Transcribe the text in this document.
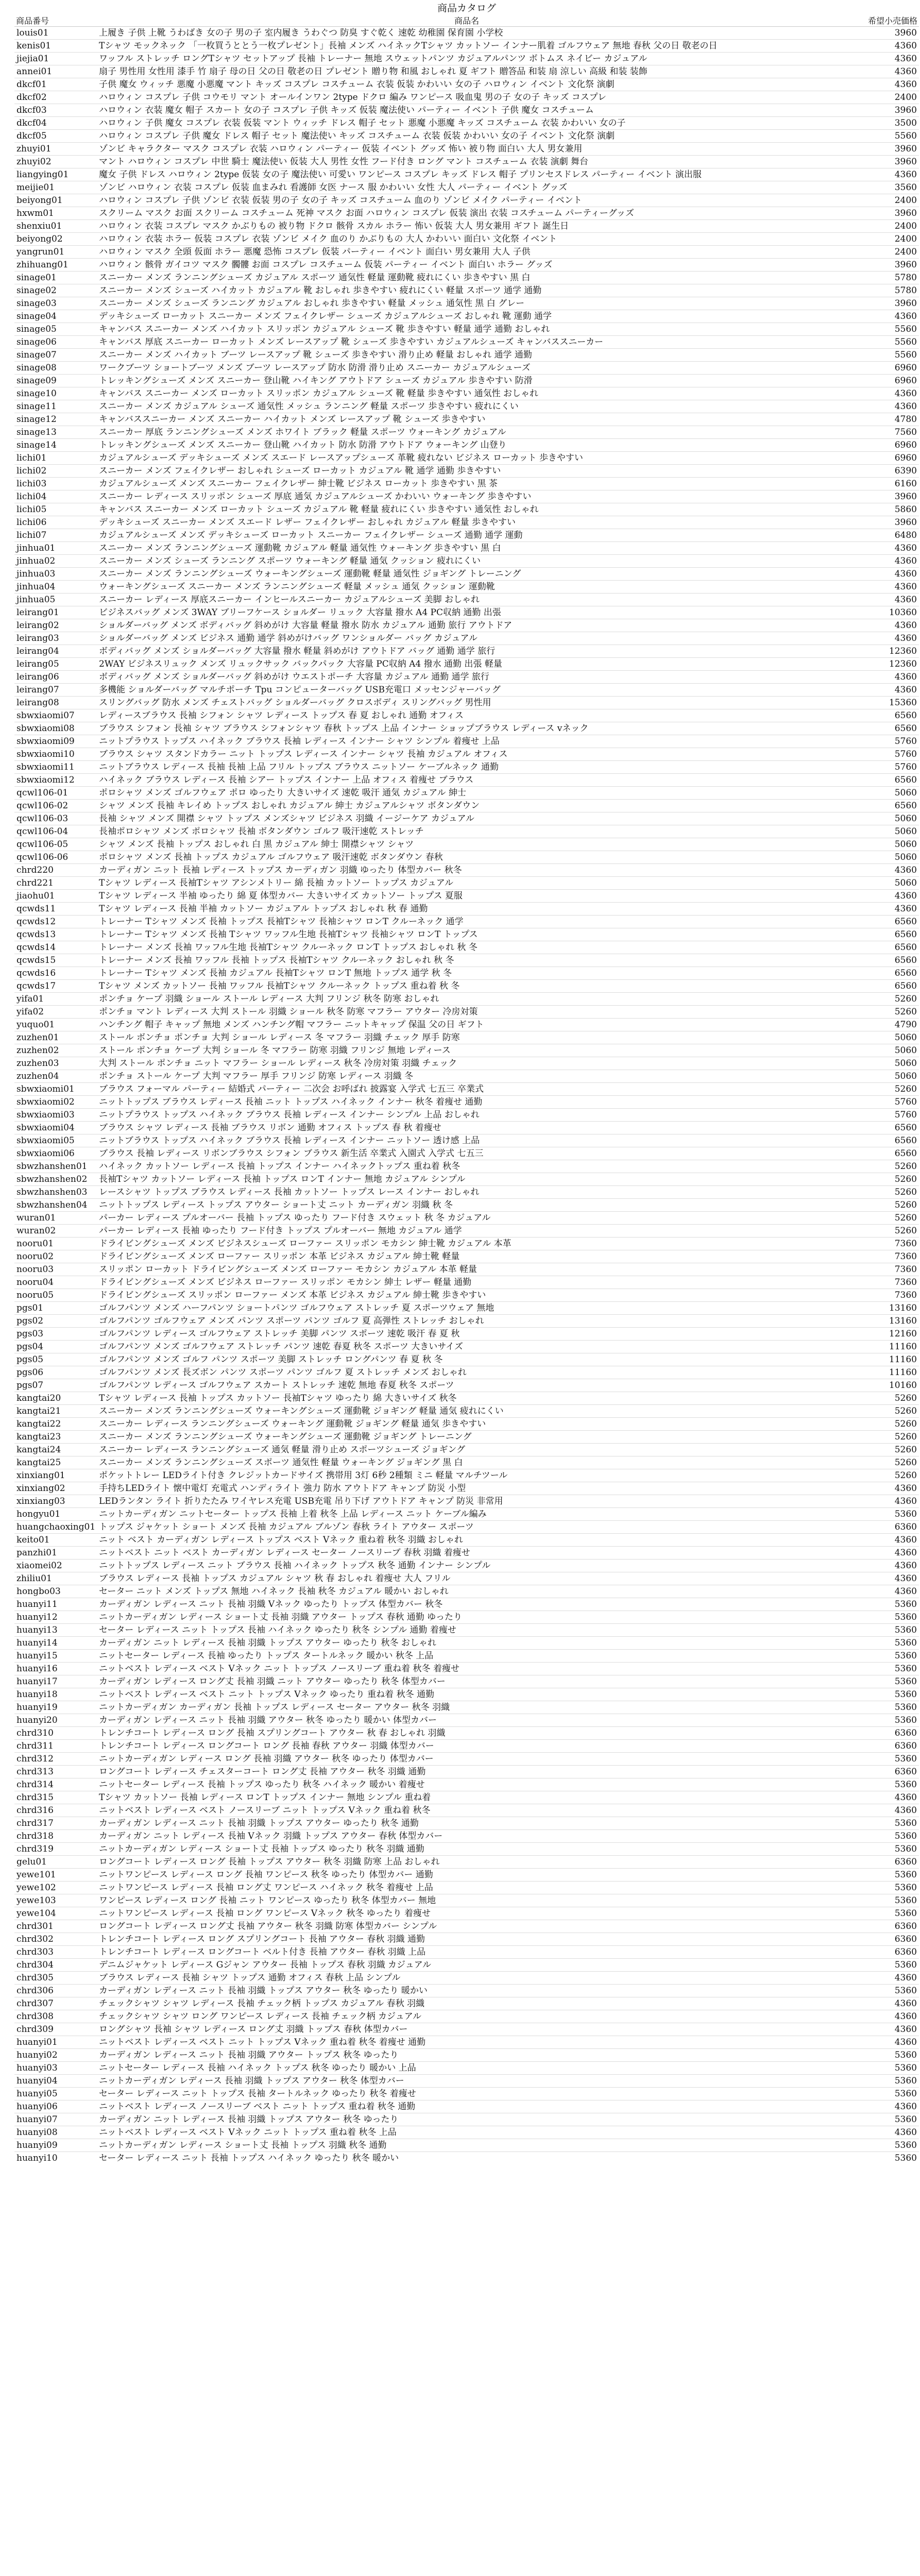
商品カタログ
商品番号	商品名	希望小売価格
louis01	上履き 子供 上靴 うわばき 女の子 男の子 室内履き うわぐつ 防臭 すぐ乾く 速乾 幼稚園 保育園 小学校	3960
kenis01	Tシャツ モックネック 「一枚買うととう一枚プレゼント」長袖 メンズ ハイネックTシャツ カットソー インナー肌着 ゴルフウェア 無地 春秋 父の日 敬老の日	4360
jiejia01	ワッフル ストレッチ ロングTシャツ セットアップ 長袖 トレーナー 無地 スウェットパンツ カジュアルパンツ ボトムス ネイビー カジュアル	4360
annei01	扇子 男性用 女性用 漆手 竹 扇子 母の日 父の日 敬老の日 プレゼント 贈り物 和風 おしゃれ 夏 ギフト 贈答品 和装 扇 涼しい 高級 和装 装飾	4360
dkcf01	子供 魔女 ウィッチ 悪魔 小悪魔 マント キッズ コスプレ コスチューム 衣装 仮装 かわいい 女の子 ハロウィン イベント 文化祭 演劇	4360
dkcf02	ハロウィン コスプレ 子供 コウモリ マント オールインワン 2type ドクロ 編み ワンピース 吸血鬼 男の子 女の子 キッズ コスプレ	2400
dkcf03	ハロウィン 衣装 魔女 帽子 スカート 女の子 コスプレ 子供 キッズ 仮装 魔法使い パーティー イベント 子供 魔女 コスチューム	3960
dkcf04	ハロウィン 子供 魔女 コスプレ 衣装 仮装 マント ウィッチ ドレス 帽子 セット 悪魔 小悪魔 キッズ コスチューム 衣装 かわいい 女の子	3500
dkcf05	ハロウィン コスプレ 子供 魔女 ドレス 帽子 セット 魔法使い キッズ コスチューム 衣装 仮装 かわいい 女の子 イベント 文化祭 演劇	5560
zhuyi01	ゾンビ キャラクター マスク コスプレ 衣装 ハロウィン パーティー 仮装 イベント グッズ 怖い 被り物 面白い 大人 男女兼用	3960
zhuyi02	マント ハロウィン コスプレ 中世 騎士 魔法使い 仮装 大人 男性 女性 フード付き ロング マント コスチューム 衣装 演劇 舞台	3960
liangying01	魔女 子供 ドレス ハロウィン 2type 仮装 女の子 魔法使い 可愛い ワンピース コスプレ キッズ ドレス 帽子 プリンセスドレス パーティー イベント 演出服	4360
meijie01	ゾンビ ハロウィン 衣装 コスプレ 仮装 血まみれ 看護師 女医 ナース 服 かわいい 女性 大人 パーティー イベント グッズ	3560
beiyong01	ハロウィン コスプレ 子供 ゾンビ 衣装 仮装 男の子 女の子 キッズ コスチューム 血のり ゾンビ メイク パーティー イベント	2400
hxwm01	スクリーム マスク お面 スクリーム コスチューム 死神 マスク お面 ハロウィン コスプレ 仮装 演出 衣装 コスチューム パーティーグッズ	3960
shenxiu01	ハロウィン 衣装 コスプレ マスク かぶりもの 被り物 ドクロ 骸骨 スカル ホラー 怖い 仮装 大人 男女兼用 ギフト 誕生日	2400
beiyong02	ハロウィン 衣装 ホラー 仮装 コスプレ 衣装 ゾンビ メイク 血のり かぶりもの 大人 かわいい 面白い 文化祭 イベント	2400
yangrun01	ハロウィン マスク 全頭 仮面 ホラー 悪魔 恐怖 コスプレ 仮装 パーティー イベント 面白い 男女兼用 大人 子供	2400
zhihuang01	ハロウィン 骸骨 ガイコツ マスク 髑髏 お面 コスプレ コスチューム 仮装 パーティー イベント 面白い ホラー グッズ	3960
sinage01	スニーカー メンズ ランニングシューズ カジュアル スポーツ 通気性 軽量 運動靴 疲れにくい 歩きやすい 黒 白	5780
sinage02	スニーカー メンズ シューズ ハイカット カジュアル 靴 おしゃれ 歩きやすい 疲れにくい 軽量 スポーツ 通学 通勤	5780
sinage03	スニーカー メンズ シューズ ランニング カジュアル おしゃれ 歩きやすい 軽量 メッシュ 通気性 黒 白 グレー	3960
sinage04	デッキシューズ ローカット スニーカー メンズ フェイクレザー シューズ カジュアルシューズ おしゃれ 靴 運動 通学	4360
sinage05	キャンバス スニーカー メンズ ハイカット スリッポン カジュアル シューズ 靴 歩きやすい 軽量 通学 通勤 おしゃれ	5560
sinage06	キャンバス 厚底 スニーカー ローカット メンズ レースアップ 靴 シューズ 歩きやすい カジュアルシューズ キャンバススニーカー	5560
sinage07	スニーカー メンズ ハイカット ブーツ レースアップ 靴 シューズ 歩きやすい 滑り止め 軽量 おしゃれ 通学 通勤	5560
sinage08	ワークブーツ ショートブーツ メンズ ブーツ レースアップ 防水 防滑 滑り止め スニーカー カジュアルシューズ	6960
sinage09	トレッキングシューズ メンズ スニーカー 登山靴 ハイキング アウトドア シューズ カジュアル 歩きやすい 防滑	6960
sinage10	キャンバス スニーカー メンズ ローカット スリッポン カジュアル シューズ 靴 軽量 歩きやすい 通気性 おしゃれ	4360
sinage11	スニーカー メンズ カジュアル シューズ 通気性 メッシュ ランニング 軽量 スポーツ 歩きやすい 疲れにくい	4360
sinage12	キャンバススニーカー メンズ スニーカー ハイカット メンズ レースアップ 靴 シューズ 歩きやすい	4780
sinage13	スニーカー 厚底 ランニングシューズ メンズ ホワイト ブラック 軽量 スポーツ ウォーキング カジュアル	7560
sinage14	トレッキングシューズ メンズ スニーカー 登山靴 ハイカット 防水 防滑 アウトドア ウォーキング 山登り	6960
lichi01	カジュアルシューズ デッキシューズ メンズ スエード レースアップシューズ 革靴 疲れない ビジネス ローカット 歩きやすい	6960
lichi02	スニーカー メンズ フェイクレザー おしゃれ シューズ ローカット カジュアル 靴 通学 通勤 歩きやすい	6390
lichi03	カジュアルシューズ メンズ スニーカー フェイクレザー 紳士靴 ビジネス ローカット 歩きやすい 黒 茶	6160
lichi04	スニーカー レディース スリッポン シューズ 厚底 通気 カジュアルシューズ かわいい ウォーキング 歩きやすい	3960
lichi05	キャンバス スニーカー メンズ ローカット シューズ カジュアル 靴 軽量 疲れにくい 歩きやすい 通気性 おしゃれ	5860
lichi06	デッキシューズ スニーカー メンズ スエード レザー フェイクレザー おしゃれ カジュアル 軽量 歩きやすい	3960
lichi07	カジュアルシューズ メンズ デッキシューズ ローカット スニーカー フェイクレザー シューズ 通勤 通学 運動	6480
jinhua01	スニーカー メンズ ランニングシューズ 運動靴 カジュアル 軽量 通気性 ウォーキング 歩きやすい 黒 白	4360
jinhua02	スニーカー メンズ シューズ ランニング スポーツ ウォーキング 軽量 通気 クッション 疲れにくい	4360
jinhua03	スニーカー メンズ ランニングシューズ ウォーキングシューズ 運動靴 軽量 通気性 ジョギング トレーニング	4360
jinhua04	ウォーキングシューズ スニーカー メンズ ランニングシューズ 軽量 メッシュ 通気 クッション 運動靴	4360
jinhua05	スニーカー レディース 厚底スニーカー インヒールスニーカー カジュアルシューズ 美脚 おしゃれ	4360
leirang01	ビジネスバッグ メンズ 3WAY ブリーフケース ショルダー リュック 大容量 撥水 A4 PC収納 通勤 出張	10360
leirang02	ショルダーバッグ メンズ ボディバッグ 斜めがけ 大容量 軽量 撥水 防水 カジュアル 通勤 旅行 アウトドア	4360
leirang03	ショルダーバッグ メンズ ビジネス 通勤 通学 斜めがけバッグ ワンショルダー バッグ カジュアル	4360
leirang04	ボディバッグ メンズ ショルダーバッグ 大容量 撥水 軽量 斜めがけ アウトドア バッグ 通勤 通学 旅行	12360
leirang05	2WAY ビジネスリュック メンズ リュックサック バックパック 大容量 PC収納 A4 撥水 通勤 出張 軽量	12360
leirang06	ボディバッグ メンズ ショルダーバッグ 斜めがけ ウエストポーチ 大容量 カジュアル 通勤 通学 旅行	4360
leirang07	多機能 ショルダーバッグ マルチポーチ Tpu コンピューターバッグ USB充電口 メッセンジャーバッグ	4360
leirang08	スリングバッグ 防水 メンズ チェストバッグ ショルダーバッグ クロスボディ スリングバッグ 男性用	15360
sbwxiaomi07	レディースブラウス 長袖 シフォン シャツ レディース トップス 春 夏 おしゃれ 通勤 オフィス	6560
sbwxiaomi08	ブラウス シフォン 長袖 シャツ ブラウス シフォンシャツ 春秋 トップス 上品 インナー ショップブラウス レディース vネック	6560
sbwxiaomi09	ニットプラウス トップス ハイネック ブラウス 長袖 レディース インナー シャツ シンプル 着痩せ 上品	5760
sbwxiaomi10	ブラウス シャツ スタンドカラー ニット トップス レディース インナー シャツ 長袖 カジュアル オフィス	5760
sbwxiaomi11	ニットブラウス レディース 長袖 長袖 上品 フリル トップス ブラウス ニットソー ケーブルネック 通勤	5760
sbwxiaomi12	ハイネック ブラウス レディース 長袖 シアー トップス インナー 上品 オフィス 着痩せ ブラウス	6560
qcwl106-01	ポロシャツ メンズ ゴルフウェア ポロ ゆったり 大きいサイズ 速乾 吸汗 通気 カジュアル 紳士	5060
qcwl106-02	シャツ メンズ 長袖 キレイめ トップス おしゃれ カジュアル 紳士 カジュアルシャツ ボタンダウン	6560
qcwl106-03	長袖 シャツ メンズ 開襟 シャツ トップス メンズシャツ ビジネス 羽織 イージーケア カジュアル	5060
qcwl106-04	長袖ポロシャツ メンズ ポロシャツ 長袖 ボタンダウン ゴルフ 吸汗速乾 ストレッチ	5060
qcwl106-05	シャツ メンズ 長袖 トップス おしゃれ 白 黒 カジュアル 紳士 開襟シャツ シャツ	5060
qcwl106-06	ポロシャツ メンズ 長袖 トップス カジュアル ゴルフウェア 吸汗速乾 ボタンダウン 春秋	5060
chrd220	カーディガン ニット 長袖 レディース トップス カーディガン 羽織 ゆったり 体型カバー 秋冬	4360
chrd221	Tシャツ レディース 長袖Tシャツ アシンメトリー 綿 長袖 カットソー トップス カジュアル	5060
jiaohu01	Tシャツ レディース 半袖 ゆったり 綿 夏 体型カバー 大きいサイズ カットソー トップス 夏服	4360
qcwds11	Tシャツ レディース 長袖 半袖 カットソー カジュアル トップス おしゃれ 秋 春 通勤	4360
qcwds12	トレーナー Tシャツ メンズ 長袖 トップス 長袖Tシャツ 長袖シャツ ロンT クルーネック 通学	6560
qcwds13	トレーナー Tシャツ メンズ 長袖 Tシャツ ワッフル生地 長袖Tシャツ 長袖シャツ ロンT トップス	6560
qcwds14	トレーナー メンズ 長袖 ワッフル生地 長袖Tシャツ クルーネック ロンT トップス おしゃれ 秋 冬	6560
qcwds15	トレーナー メンズ 長袖 ワッフル 長袖 トップス 長袖Tシャツ クルーネック おしゃれ 秋 冬	6560
qcwds16	トレーナー Tシャツ メンズ 長袖 カジュアル 長袖Tシャツ ロンT 無地 トップス 通学 秋 冬	6560
qcwds17	Tシャツ メンズ カットソー 長袖 ワッフル 長袖Tシャツ クルーネック トップス 重ね着 秋 冬	6560
yifa01	ポンチョ ケープ 羽織 ショール ストール レディース 大判 フリンジ 秋冬 防寒 おしゃれ	5260
yifa02	ポンチョ マント レディース 大判 ストール 羽織 ショール 秋冬 防寒 マフラー アウター 冷房対策	5260
yuquo01	ハンチング 帽子 キャップ 無地 メンズ ハンチング帽 マフラー ニットキャップ 保温 父の日 ギフト	4790
zuzhen01	ストール ボンチョ ポンチョ 大判 ショール レディース 冬 マフラー 羽織 チェック 厚手 防寒	5060
zuzhen02	ストール ポンチョ ケープ 大判 ショール 冬 マフラー 防寒 羽織 フリンジ 無地 レディース	5060
zuzhen03	大判 ストール ポンチョ ニット マフラー ショール レディース 秋冬 冷房対策 羽織 チェック	5060
zuzhen04	ポンチョ ストール ケープ 大判 マフラー 厚手 フリンジ 防寒 レディース 羽織 冬	5060
sbwxiaomi01	ブラウス フォーマル パーティー 結婚式 パーティー 二次会 お呼ばれ 披露宴 入学式 七五三 卒業式	5260
sbwxiaomi02	ニットトップス ブラウス レディース 長袖 ニット トップス ハイネック インナー 秋冬 着痩せ 通勤	5760
sbwxiaomi03	ニットプラウス トップス ハイネック ブラウス 長袖 レディース インナー シンプル 上品 おしゃれ	5760
sbwxiaomi04	ブラウス シャツ レディース 長袖 ブラウス リボン 通勤 オフィス トップス 春 秋 着痩せ	6560
sbwxiaomi05	ニットブラウス トップス ハイネック ブラウス 長袖 レディース インナー ニットソー 透け感 上品	6560
sbwxiaomi06	ブラウス 長袖 レディース リボンブラウス シフォン ブラウス 新生活 卒業式 入園式 入学式 七五三	6560
sbwzhanshen01	ハイネック カットソー レディース 長袖 トップス インナー ハイネックトップス 重ね着 秋冬	5260
sbwzhanshen02	長袖Tシャツ カットソー レディース 長袖 トップス ロンT インナー 無地 カジュアル シンプル	5260
sbwzhanshen03	レースシャツ トップス ブラウス レディース 長袖 カットソー トップス レース インナー おしゃれ	5260
sbwzhanshen04	ニットトップス レディース トップス アウター ショート丈 ニット カーディガン 羽織 秋 冬	5260
wuran01	パーカー レディース プルオーバー 長袖 トップス ゆったり フード付き スウェット 秋 冬 カジュアル	5260
wuran02	パーカー レディース 長袖 ゆったり フード付き トップス プルオーバー 無地 カジュアル 通学	5260
nooru01	ドライビングシューズ メンズ ビジネスシューズ ローファー スリッポン モカシン 紳士靴 カジュアル 本革	7360
nooru02	ドライビングシューズ メンズ ローファー スリッポン 本革 ビジネス カジュアル 紳士靴 軽量	7360
nooru03	スリッポン ローカット ドライビングシューズ メンズ ローファー モカシン カジュアル 本革 軽量	7360
nooru04	ドライビングシューズ メンズ ビジネス ローファー スリッポン モカシン 紳士 レザー 軽量 通勤	7360
nooru05	ドライビングシューズ スリッポン ローファー メンズ 本革 ビジネス カジュアル 紳士靴 歩きやすい	7360
pgs01	ゴルフパンツ メンズ ハーフパンツ ショートパンツ ゴルフウェア ストレッチ 夏 スポーツウェア 無地	13160
pgs02	ゴルフパンツ ゴルフウェア メンズ パンツ スポーツ パンツ ゴルフ 夏 高弾性 ストレッチ おしゃれ	13160
pgs03	ゴルフパンツ レディース ゴルフウェア ストレッチ 美脚 パンツ スポーツ 速乾 吸汗 春 夏 秋	12160
pgs04	ゴルフパンツ メンズ ゴルフウェア ストレッチ パンツ 速乾 春夏 秋冬 スポーツ 大きいサイズ	11160
pgs05	ゴルフパンツ メンズ ゴルフ パンツ スポーツ 美脚 ストレッチ ロングパンツ 春 夏 秋 冬	11160
pgs06	ゴルフパンツ メンズ 長ズボン パンツ スポーツ パンツ ゴルフ 夏 ストレッチ メンズ おしゃれ	11160
pgs07	ゴルフパンツ レディース ゴルフウェア スカート ストレッチ 速乾 無地 春夏 秋冬 スポーツ	10160
kangtai20	Tシャツ レディース 長袖 トップス カットソー 長袖Tシャツ ゆったり 綿 大きいサイズ 秋冬	5260
kangtai21	スニーカー メンズ ランニングシューズ ウォーキングシューズ 運動靴 ジョギング 軽量 通気 疲れにくい	5260
kangtai22	スニーカー レディース ランニングシューズ ウォーキング 運動靴 ジョギング 軽量 通気 歩きやすい	5260
kangtai23	スニーカー メンズ ランニングシューズ ウォーキングシューズ 運動靴 ジョギング トレーニング	5260
kangtai24	スニーカー レディース ランニングシューズ 通気 軽量 滑り止め スポーツシューズ ジョギング	5260
kangtai25	スニーカー メンズ ランニングシューズ スポーツ 通気性 軽量 ウォーキング ジョギング 黒 白	5260
xinxiang01	ポケットトレー LEDライト付き クレジットカードサイズ 携帯用 3灯 6秒 2種類 ミニ 軽量 マルチツール	5260
xinxiang02	手持ちLEDライト 懐中電灯 充電式 ハンディライト 強力 防水 アウトドア キャンプ 防災 小型	4360
xinxiang03	LEDランタン ライト 折りたたみ ワイヤレス充電 USB充電 吊り下げ アウトドア キャンプ 防災 非常用	4360
hongyu01	ニットカーディガン ニットセーター トップス 長袖 上着 秋冬 上品 レディース ニット ケーブル編み	5360
huangchaoxing01	トップス ジャケット ショート メンズ 長袖 カジュアル ブルゾン 春秋 ライト アウター スポーツ	6360
keito01	ニット ベスト カーディガン レディース トップス ベスト Vネック 重ね着 秋冬 羽織 おしゃれ	4360
panzhi01	ニットベスト ニット ベスト カーディガン レディース セーター ノースリーブ 春秋 羽織 着痩せ	4360
xiaomei02	ニットトップス レディース ニット ブラウス 長袖 ハイネック トップス 秋冬 通勤 インナー シンプル	4360
zhiliu01	ブラウス レディース 長袖 トップス カジュアル シャツ 秋 春 おしゃれ 着痩せ 大人 フリル	4360
hongbo03	セーター ニット メンズ トップス 無地 ハイネック 長袖 秋冬 カジュアル 暖かい おしゃれ	4360
huanyi11	カーディガン レディース ニット 長袖 羽織 Vネック ゆったり トップス 体型カバー 秋冬	5360
huanyi12	ニットカーディガン レディース ショート丈 長袖 羽織 アウター トップス 春秋 通勤 ゆったり	5360
huanyi13	セーター レディース ニット トップス 長袖 ハイネック ゆったり 秋冬 シンプル 通勤 着痩せ	5360
huanyi14	カーディガン ニット レディース 長袖 羽織 トップス アウター ゆったり 秋冬 おしゃれ	5360
huanyi15	ニットセーター レディース 長袖 ゆったり トップス タートルネック 暖かい 秋冬 上品	5360
huanyi16	ニットベスト レディース ベスト Vネック ニット トップス ノースリーブ 重ね着 秋冬 着痩せ	5360
huanyi17	カーディガン レディース ロング丈 長袖 羽織 ニット アウター ゆったり 秋冬 体型カバー	5360
huanyi18	ニットベスト レディース ベスト ニット トップス Vネック ゆったり 重ね着 秋冬 通勤	5360
huanyi19	ニットカーディガン カーディガン 長袖 トップス レディース セーター アウター 秋冬 羽織	5360
huanyi20	カーディガン レディース ニット 長袖 羽織 アウター 秋冬 ゆったり 暖かい 体型カバー	5360
chrd310	トレンチコート レディース ロング 長袖 スプリングコート アウター 秋 春 おしゃれ 羽織	6360
chrd311	トレンチコート レディース ロングコート ロング 長袖 春秋 アウター 羽織 体型カバー	6360
chrd312	ニットカーディガン レディース ロング 長袖 羽織 アウター 秋冬 ゆったり 体型カバー	5360
chrd313	ロングコート レディース チェスターコート ロング丈 長袖 アウター 秋冬 羽織 通勤	6360
chrd314	ニットセーター レディース 長袖 トップス ゆったり 秋冬 ハイネック 暖かい 着痩せ	5360
chrd315	Tシャツ カットソー 長袖 レディース ロンT トップス インナー 無地 シンプル 重ね着	4360
chrd316	ニットベスト レディース ベスト ノースリーブ ニット トップス Vネック 重ね着 秋冬	4360
chrd317	カーディガン レディース ニット 長袖 羽織 トップス アウター ゆったり 秋冬 通勤	5360
chrd318	カーディガン ニット レディース 長袖 Vネック 羽織 トップス アウター 春秋 体型カバー	5360
chrd319	ニットカーディガン レディース ショート丈 長袖 トップス ゆったり 秋冬 羽織 通勤	5360
gelu01	ロングコート レディース ロング 長袖 トップス アウター 秋冬 羽織 防寒 上品 おしゃれ	6360
yewe101	ニットワンピース レディース ロング 長袖 ワンピース 秋冬 ゆったり 体型カバー 通勤	5360
yewe102	ニットワンピース レディース 長袖 ロング丈 ワンピース ハイネック 秋冬 着痩せ 上品	5360
yewe103	ワンピース レディース ロング 長袖 ニット ワンピース ゆったり 秋冬 体型カバー 無地	5360
yewe104	ニットワンピース レディース 長袖 ロング ワンピース Vネック 秋冬 ゆったり 着痩せ	5360
chrd301	ロングコート レディース ロング丈 長袖 アウター 秋冬 羽織 防寒 体型カバー シンプル	6360
chrd302	トレンチコート レディース ロング スプリングコート 長袖 アウター 春秋 羽織 通勤	6360
chrd303	トレンチコート レディース ロングコート ベルト付き 長袖 アウター 春秋 羽織 上品	6360
chrd304	デニムジャケット レディース Gジャン アウター 長袖 トップス 春秋 羽織 カジュアル	5360
chrd305	ブラウス レディース 長袖 シャツ トップス 通勤 オフィス 春秋 上品 シンプル	4360
chrd306	カーディガン レディース ニット 長袖 羽織 トップス アウター 秋冬 ゆったり 暖かい	5360
chrd307	チェックシャツ シャツ レディース 長袖 チェック柄 トップス カジュアル 春秋 羽織	4360
chrd308	チェックシャツ シャツ ロング ワンピース レディース 長袖 チェック柄 カジュアル	4360
chrd309	ロングシャツ 長袖 シャツ レディース ロング丈 羽織 トップス 春秋 体型カバー	4360
huanyi01	ニットベスト レディース ベスト ニット トップス Vネック 重ね着 秋冬 着痩せ 通勤	4360
huanyi02	カーディガン レディース ニット 長袖 羽織 アウター トップス 秋冬 ゆったり	5360
huanyi03	ニットセーター レディース 長袖 ハイネック トップス 秋冬 ゆったり 暖かい 上品	5360
huanyi04	ニットカーディガン レディース 長袖 羽織 トップス アウター 秋冬 体型カバー	5360
huanyi05	セーター レディース ニット トップス 長袖 タートルネック ゆったり 秋冬 着痩せ	5360
huanyi06	ニットベスト レディース ノースリーブ ベスト ニット トップス 重ね着 秋冬 通勤	4360
huanyi07	カーディガン ニット レディース 長袖 羽織 トップス アウター 秋冬 ゆったり	5360
huanyi08	ニットベスト レディース ベスト Vネック ニット トップス 重ね着 秋冬 上品	4360
huanyi09	ニットカーディガン レディース ショート丈 長袖 トップス 羽織 秋冬 通勤	5360
huanyi10	セーター レディース ニット 長袖 トップス ハイネック ゆったり 秋冬 暖かい	5360
